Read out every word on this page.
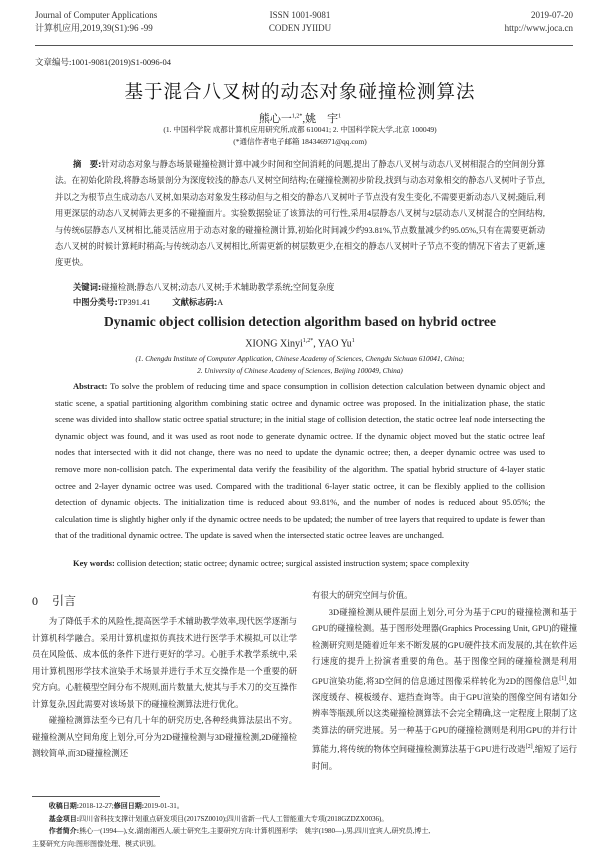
Journal of Computer Applications
计算机应用,2019,39(S1):96 -99
ISSN 1001-9081
CODEN JYIIDU
2019-07-20
http://www.joca.cn
文章编号:1001-9081(2019)S1-0096-04
基于混合八叉树的动态对象碰撞检测算法
熊心一$^{1,2*}$,姚　宇$^1$
(1. 中国科学院 成都计算机应用研究所,成都 610041; 2. 中国科学院大学,北京 100049)
(*通信作者电子邮箱 184346971@qq.com)
摘　要:针对动态对象与静态场景碰撞检测计算中减少时间和空间消耗的问题,提出了静态八叉树与动态八叉树相混合的空间剖分算法。在初始化阶段,将静态场景剖分为深度较浅的静态八叉树空间结构;在碰撞检测初步阶段,找到与动态对象相交的静态八叉树叶子节点,并以之为根节点生成动态八叉树,如果动态对象发生移动但与之相交的静态八叉树叶子节点没有发生变化,不需要更新动态八叉树;随后,利用更深层的动态八叉树筛去更多的不碰撞面片。实验数据验证了该算法的可行性,采用4层静态八叉树与2层动态八叉树混合的空间结构,与传统6层静态八叉树相比,能灵活应用于动态对象的碰撞检测计算,初始化时间减少约93.81%,节点数量减少约95.05%,只有在需要更新动态八叉树的时候计算耗时稍高;与传统动态八叉树相比,所需更新的树层数更少,在相交的静态八叉树叶子节点不变的情况下省去了更新,速度更快。
关键词:碰撞检测;静态八叉树;动态八叉树;手术辅助教学系统;空间复杂度
中图分类号:TP391.41	文献标志码:A
Dynamic object collision detection algorithm based on hybrid octree
XIONG Xinyi$^{1,2*}$, YAO Yu$^1$
(1. Chengdu Institute of Computer Application, Chinese Academy of Sciences, Chengdu Sichuan 610041, China;
2. University of Chinese Academy of Sciences, Beijing 100049, China)
Abstract: To solve the problem of reducing time and space consumption in collision detection calculation between dynamic object and static scene, a spatial partitioning algorithm combining static octree and dynamic octree was proposed. In the initialization phase, the static scene was divided into shallow static octree spatial structure; in the initial stage of collision detection, the static octree leaf node intersecting the dynamic object was found, and it was used as root node to generate dynamic octree. If the dynamic object moved but the static octree leaf nodes that intersected with it did not change, there was no need to update the dynamic octree; then, a deeper dynamic octree was used to remove more non-collision patch. The experimental data verify the feasibility of the algorithm. The spatial hybrid structure of 4-layer static octree and 2-layer dynamic octree was used. Compared with the traditional 6-layer static octree, it can be flexibly applied to the collision detection of dynamic objects. The initialization time is reduced about 93.81%, and the number of nodes is reduced about 95.05%; the calculation time is slightly higher only if the dynamic octree needs to be updated; the number of tree layers that required to update is fewer than that of the traditional dynamic octree. The update is saved when the intersected static octree leaves are unchanged.
Key words: collision detection; static octree; dynamic octree; surgical assisted instruction system; space complexity
0 引言

为了降低手术的风险性,提高医学手术辅助教学效率,现代医学逐渐与计算机科学融合。采用计算机虚拟仿真技术进行医学手术模拟,可以让学员在风险低、成本低的条件下进行更好的学习。心脏手术教学系统中,采用计算机图形学技术渲染手术场景并进行手术互交操作是一个重要的研究方向。心脏模型空间分布不规则,面片数量大,使其与手术刀的交互操作计算复杂,因此需要对该场景下的碰撞检测算法进行优化。

碰撞检测算法至今已有几十年的研究历史,各种经典算法层出不穷。碰撞检测从空间角度上划分,可分为2D碰撞检测与3D碰撞检测,2D碰撞检测较简单,而3D碰撞检测还

有很大的研究空间与价值。

3D碰撞检测从硬件层面上划分,可分为基于CPU的碰撞检测和基于GPU的碰撞检测。基于图形处理器(Graphics Processing Unit, GPU)的碰撞检测研究则是随着近年来不断发展的GPU硬件技术而发展的,其在软件运行速度的提升上扮演者重要的角色。基于图像空间的碰撞检测是利用GPU渲染功能,将3D空间的信息通过图像采样转化为2D的图像信息[1],如深度缓存、模板缓存、遮挡查询等。由于GPU渲染的图像空间有诸如分辨率等瓶颈,所以这类碰撞检测算法不会完全精确,这一定程度上限制了这类算法的研究进展。另一种基于GPU的碰撞检测则是利用GPU的并行计算能力,将传统的物体空间碰撞检测算法基于GPU进行改造[2],缩短了运行时间。

收稿日期:2018-12-27;修回日期:2019-01-31。
基金项目:四川省科技支撑计划重点研发项目(2017SZ0010);四川省新一代人工智能重大专项(2018GZDZX0036)。
作者简介:熊心一(1994—),女,湖南湘西人,硕士研究生,主要研究方向:计算机图形学;　姚宇(1980—),男,四川宜宾人,研究员,博士,
主要研究方向:图形图像处理、模式识别。
